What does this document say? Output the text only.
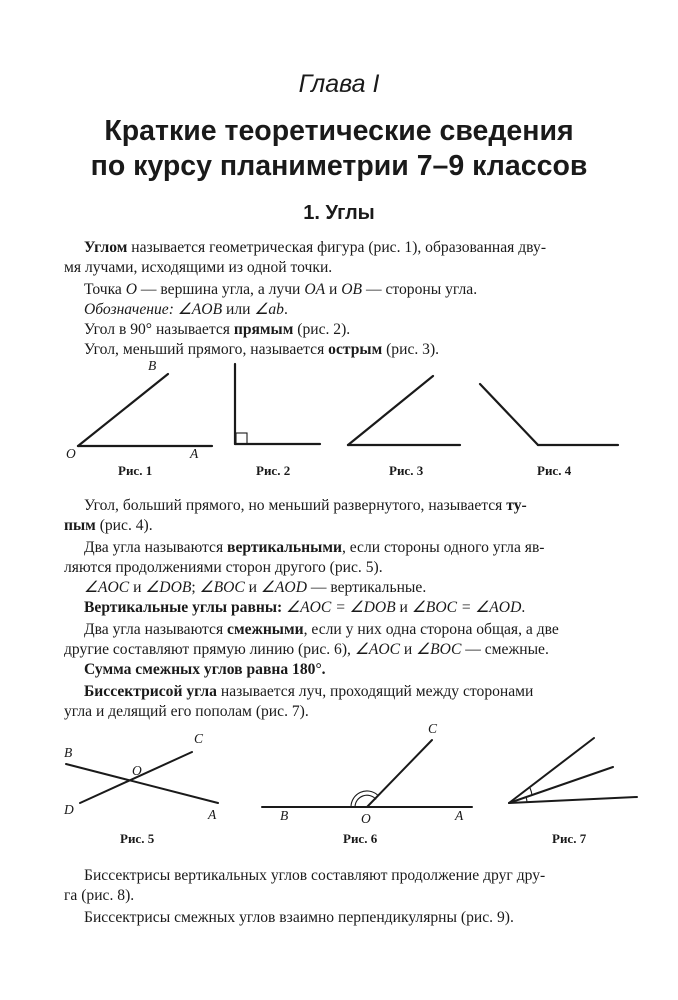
Глава I
Краткие теоретические сведения
по курсу планиметрии 7–9 классов
1. Углы
Углом называется геометрическая фигура (рис. 1), образованная дву-
мя лучами, исходящими из одной точки.
Точка O — вершина угла, а лучи OA и OB — стороны угла.
Обозначение: ∠AOB или ∠ab.
Угол в 90° называется прямым (рис. 2).
Угол, меньший прямого, называется острым (рис. 3).
B
O	A
Рис. 1	Рис. 2	Рис. 3	Рис. 4
Угол, больший прямого, но меньший развернутого, называется ту-
пым (рис. 4).
Два угла называются вертикальными, если стороны одного угла яв-
ляются продолжениями сторон другого (рис. 5).
∠AOC и ∠DOB; ∠BOC и ∠AOD — вертикальные.
Вертикальные углы равны: ∠AOC = ∠DOB и ∠BOC = ∠AOD.
Два угла называются смежными, если у них одна сторона общая, а две
другие составляют прямую линию (рис. 6), ∠AOC и ∠BOC — смежные.
Сумма смежных углов равна 180°.
Биссектрисой угла называется луч, проходящий между сторонами
угла и делящий его пополам (рис. 7).
B
C
O
D	A
C
B	O	A
Рис. 5	Рис. 6	Рис. 7
Биссектрисы вертикальных углов составляют продолжение друг дру-
га (рис. 8).
Биссектрисы смежных углов взаимно перпендикулярны (рис. 9).
